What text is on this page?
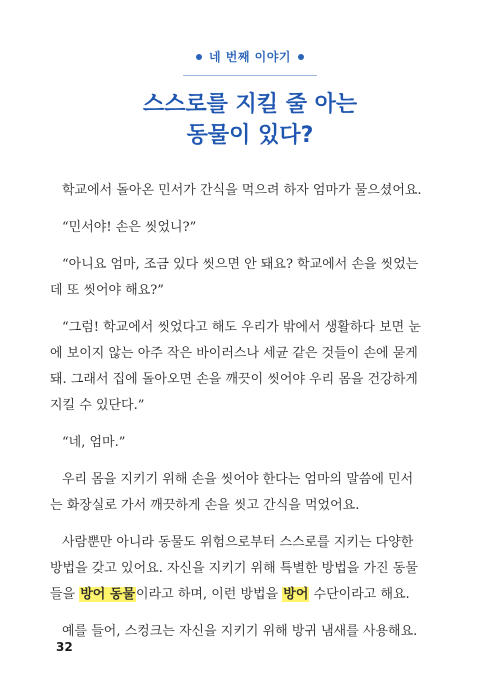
네 번째 이야기
스스로를 지킬 줄 아는
동물이 있다?

학교에서 돌아온 민서가 간식을 먹으려 하자 엄마가 물으셨어요.

“민서야! 손은 씻었니?”

“아니요 엄마, 조금 있다 씻으면 안 돼요? 학교에서 손을 씻었는
데 또 씻어야 해요?”

“그럼! 학교에서 씻었다고 해도 우리가 밖에서 생활하다 보면 눈
에 보이지 않는 아주 작은 바이러스나 세균 같은 것들이 손에 묻게
돼. 그래서 집에 돌아오면 손을 깨끗이 씻어야 우리 몸을 건강하게
지킬 수 있단다.”

“네, 엄마.”

우리 몸을 지키기 위해 손을 씻어야 한다는 엄마의 말씀에 민서
는 화장실로 가서 깨끗하게 손을 씻고 간식을 먹었어요.

사람뿐만 아니라 동물도 위험으로부터 스스로를 지키는 다양한
방법을 갖고 있어요. 자신을 지키기 위해 특별한 방법을 가진 동물
들을 방어 동물이라고 하며, 이런 방법을 방어 수단이라고 해요.

예를 들어, 스컹크는 자신을 지키기 위해 방귀 냄새를 사용해요.

32
